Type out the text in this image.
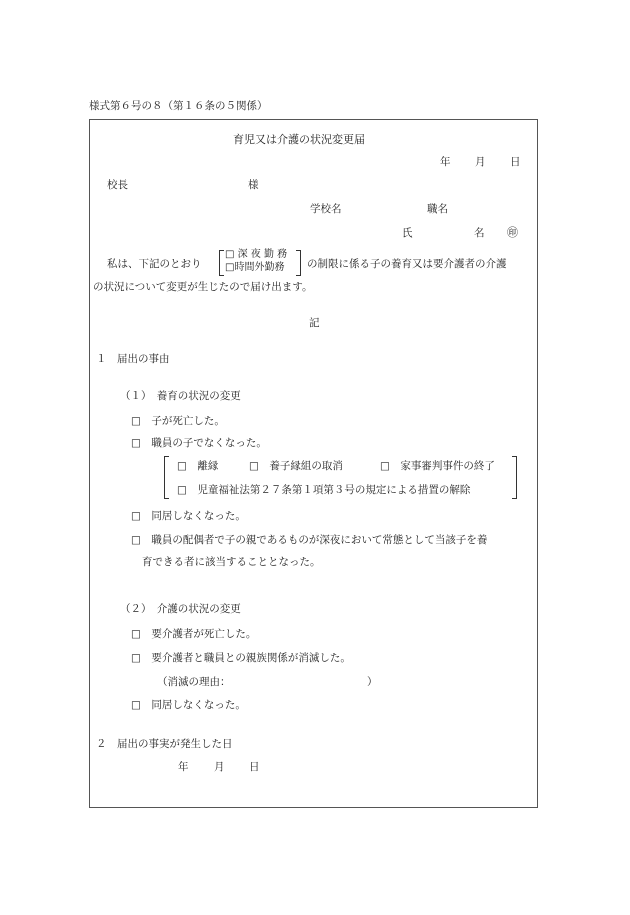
様式第６号の８（第１６条の５関係）
育児又は介護の状況変更届
年 月 日
校長	様
学校名	職名
氏	名 ㊞
私は、下記のとおり
□ 深 夜 勤 務
□時間外勤務 の制限に係る子の養育又は要介護者の介護
の状況について変更が生じたので届け出ます。
記
１　届出の事由
（１）　養育の状況の変更
□　子が死亡した。
□　職員の子でなくなった。
□　離縁	□　養子縁組の取消	□　家事審判事件の終了
□　児童福祉法第２７条第１項第３号の規定による措置の解除
□　同居しなくなった。
□　職員の配偶者で子の親であるものが深夜において常態として当該子を養
育できる者に該当することとなった。
（２）　介護の状況の変更
□　要介護者が死亡した。
□　要介護者と職員との親族関係が消滅した。
（消滅の理由：	）
□　同居しなくなった。
２　届出の事実が発生した日
年 月 日
